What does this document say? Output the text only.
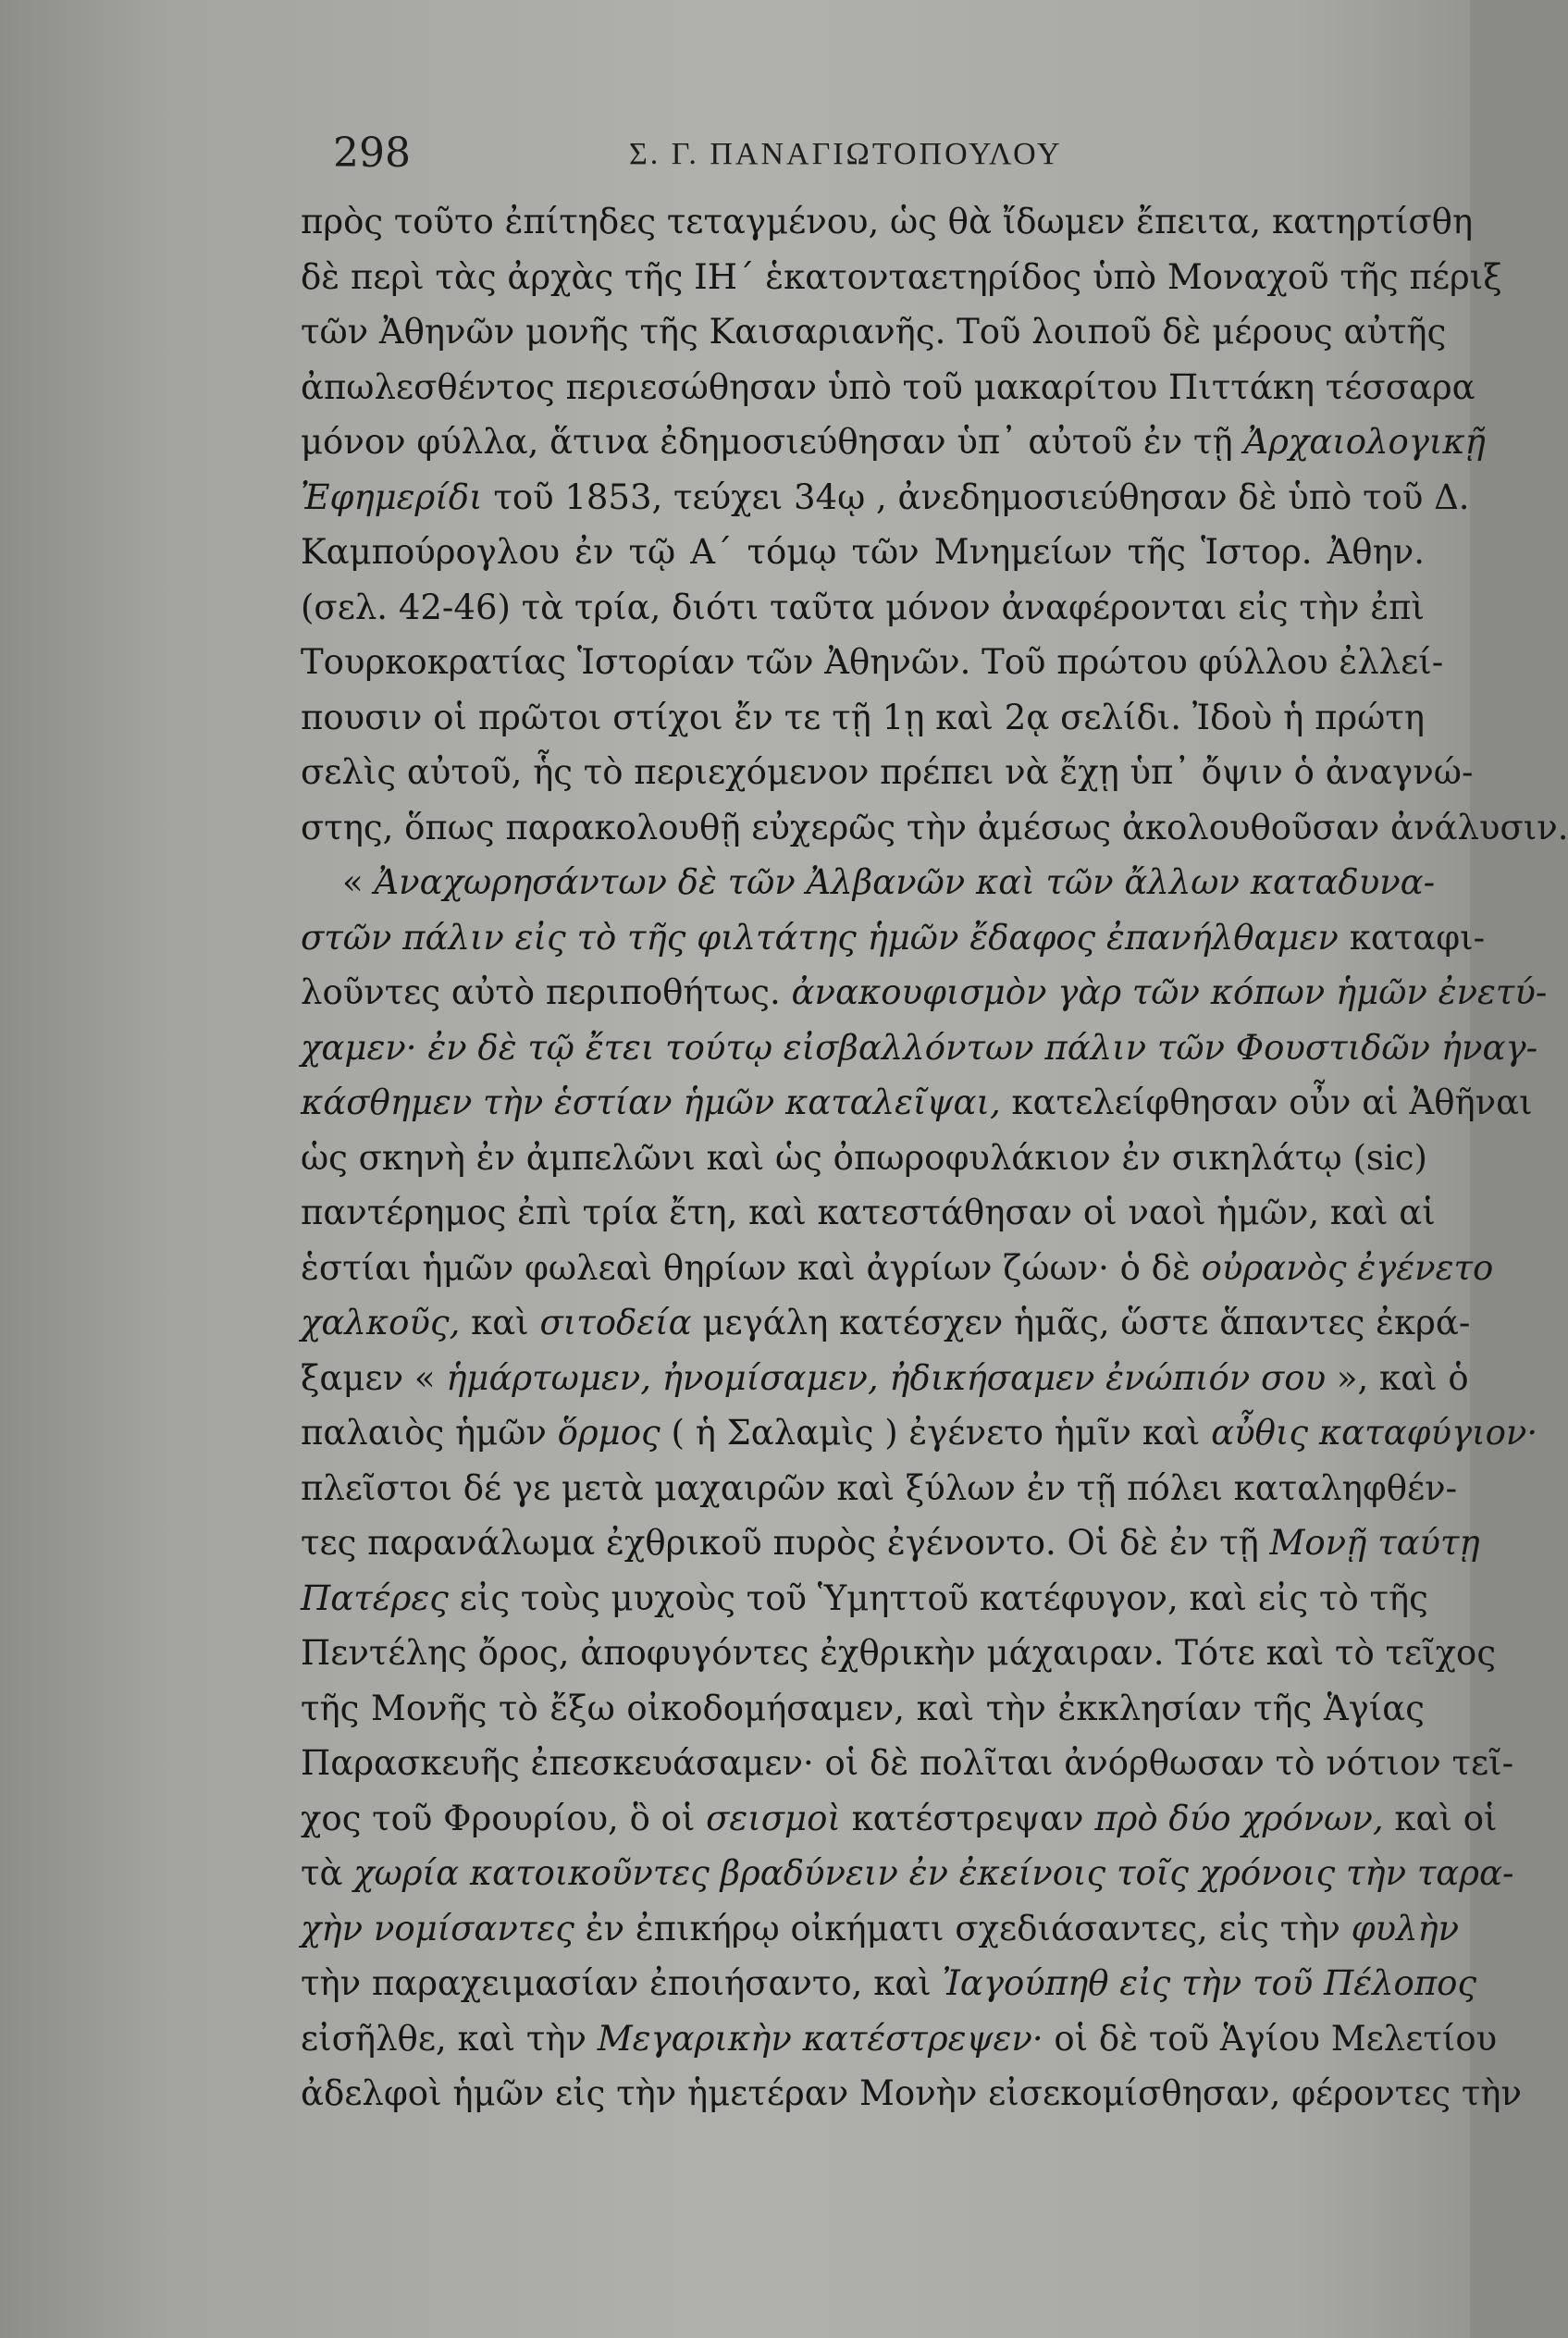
298	Σ. Γ. ΠΑΝΑΓΙΩΤΟΠΟΥΛΟΥ
πρὸς τοῦτο ἐπίτηδες τεταγμένου, ὡς θὰ ἴδωμεν ἔπειτα, κατηρτίσθη
δὲ περὶ τὰς ἀρχὰς τῆς ΙΗ΄ ἑκατονταετηρίδος ὑπὸ Μοναχοῦ τῆς πέριξ
τῶν Ἀθηνῶν μονῆς τῆς Καισαριανῆς. Τοῦ λοιποῦ δὲ μέρους αὐτῆς
ἀπωλεσθέντος περιεσώθησαν ὑπὸ τοῦ μακαρίτου Πιττάκη τέσσαρα
μόνον φύλλα, ἅτινα ἐδημοσιεύθησαν ὑπ᾿ αὐτοῦ ἐν τῇ Ἀρχαιολογικῇ
Ἐφημερίδι τοῦ 1853, τεύχει 34ῳ , ἀνεδημοσιεύθησαν δὲ ὑπὸ τοῦ Δ.
Καμπούρογλου ἐν τῷ Α΄ τόμῳ τῶν Μνημείων τῆς Ἱστορ. Ἀθην.
(σελ. 42-46) τὰ τρία, διότι ταῦτα μόνον ἀναφέρονται εἰς τὴν ἐπὶ
Τουρκοκρατίας Ἱστορίαν τῶν Ἀθηνῶν. Τοῦ πρώτου φύλλου ἐλλεί-
πουσιν οἱ πρῶτοι στίχοι ἔν τε τῇ 1ῃ καὶ 2ᾳ σελίδι. Ἰδοὺ ἡ πρώτη
σελὶς αὐτοῦ, ἧς τὸ περιεχόμενον πρέπει νὰ ἔχῃ ὑπ᾿ ὄψιν ὁ ἀναγνώ-
στης, ὅπως παρακολουθῇ εὐχερῶς τὴν ἀμέσως ἀκολουθοῦσαν ἀνάλυσιν.
« Ἀναχωρησάντων δὲ τῶν Ἀλβανῶν καὶ τῶν ἄλλων καταδυνα-
στῶν πάλιν εἰς τὸ τῆς φιλτάτης ἡμῶν ἔδαφος ἐπανήλθαμεν καταφι-
λοῦντες αὐτὸ περιποθήτως. ἀνακουφισμὸν γὰρ τῶν κόπων ἡμῶν ἐνετύ-
χαμεν· ἐν δὲ τῷ ἔτει τούτῳ εἰσβαλλόντων πάλιν τῶν Φουστιδῶν ἠναγ-
κάσθημεν τὴν ἑστίαν ἡμῶν καταλεῖψαι, κατελείφθησαν οὖν αἱ Ἀθῆναι
ὡς σκηνὴ ἐν ἀμπελῶνι καὶ ὡς ὀπωροφυλάκιον ἐν σικηλάτῳ (sic)
παντέρημος ἐπὶ τρία ἔτη, καὶ κατεστάθησαν οἱ ναοὶ ἡμῶν, καὶ αἱ
ἑστίαι ἡμῶν φωλεαὶ θηρίων καὶ ἀγρίων ζώων· ὁ δὲ οὐρανὸς ἐγένετο
χαλκοῦς, καὶ σιτοδεία μεγάλη κατέσχεν ἡμᾶς, ὥστε ἅπαντες ἐκρά-
ξαμεν « ἡμάρτωμεν, ἠνομίσαμεν, ἠδικήσαμεν ἐνώπιόν σου », καὶ ὁ
παλαιὸς ἡμῶν ὅρμος ( ἡ Σαλαμὶς ) ἐγένετο ἡμῖν καὶ αὖθις καταφύγιον·
πλεῖστοι δέ γε μετὰ μαχαιρῶν καὶ ξύλων ἐν τῇ πόλει καταληφθέν-
τες παρανάλωμα ἐχθρικοῦ πυρὸς ἐγένοντο. Οἱ δὲ ἐν τῇ Μονῇ ταύτῃ
Πατέρες εἰς τοὺς μυχοὺς τοῦ Ὑμηττοῦ κατέφυγον, καὶ εἰς τὸ τῆς
Πεντέλης ὄρος, ἀποφυγόντες ἐχθρικὴν μάχαιραν. Τότε καὶ τὸ τεῖχος
τῆς Μονῆς τὸ ἔξω οἰκοδομήσαμεν, καὶ τὴν ἐκκλησίαν τῆς Ἁγίας
Παρασκευῆς ἐπεσκευάσαμεν· οἱ δὲ πολῖται ἀνόρθωσαν τὸ νότιον τεῖ-
χος τοῦ Φρουρίου, ὃ οἱ σεισμοὶ κατέστρεψαν πρὸ δύο χρόνων, καὶ οἱ
τὰ χωρία κατοικοῦντες βραδύνειν ἐν ἐκείνοις τοῖς χρόνοις τὴν ταρα-
χὴν νομίσαντες ἐν ἐπικήρῳ οἰκήματι σχεδιάσαντες, εἰς τὴν φυλὴν
τὴν παραχειμασίαν ἐποιήσαντο, καὶ Ἰαγούπηθ εἰς τὴν τοῦ Πέλοπος
εἰσῆλθε, καὶ τὴν Μεγαρικὴν κατέστρεψεν· οἱ δὲ τοῦ Ἁγίου Μελετίου
ἀδελφοὶ ἡμῶν εἰς τὴν ἡμετέραν Μονὴν εἰσεκομίσθησαν, φέροντες τὴν
